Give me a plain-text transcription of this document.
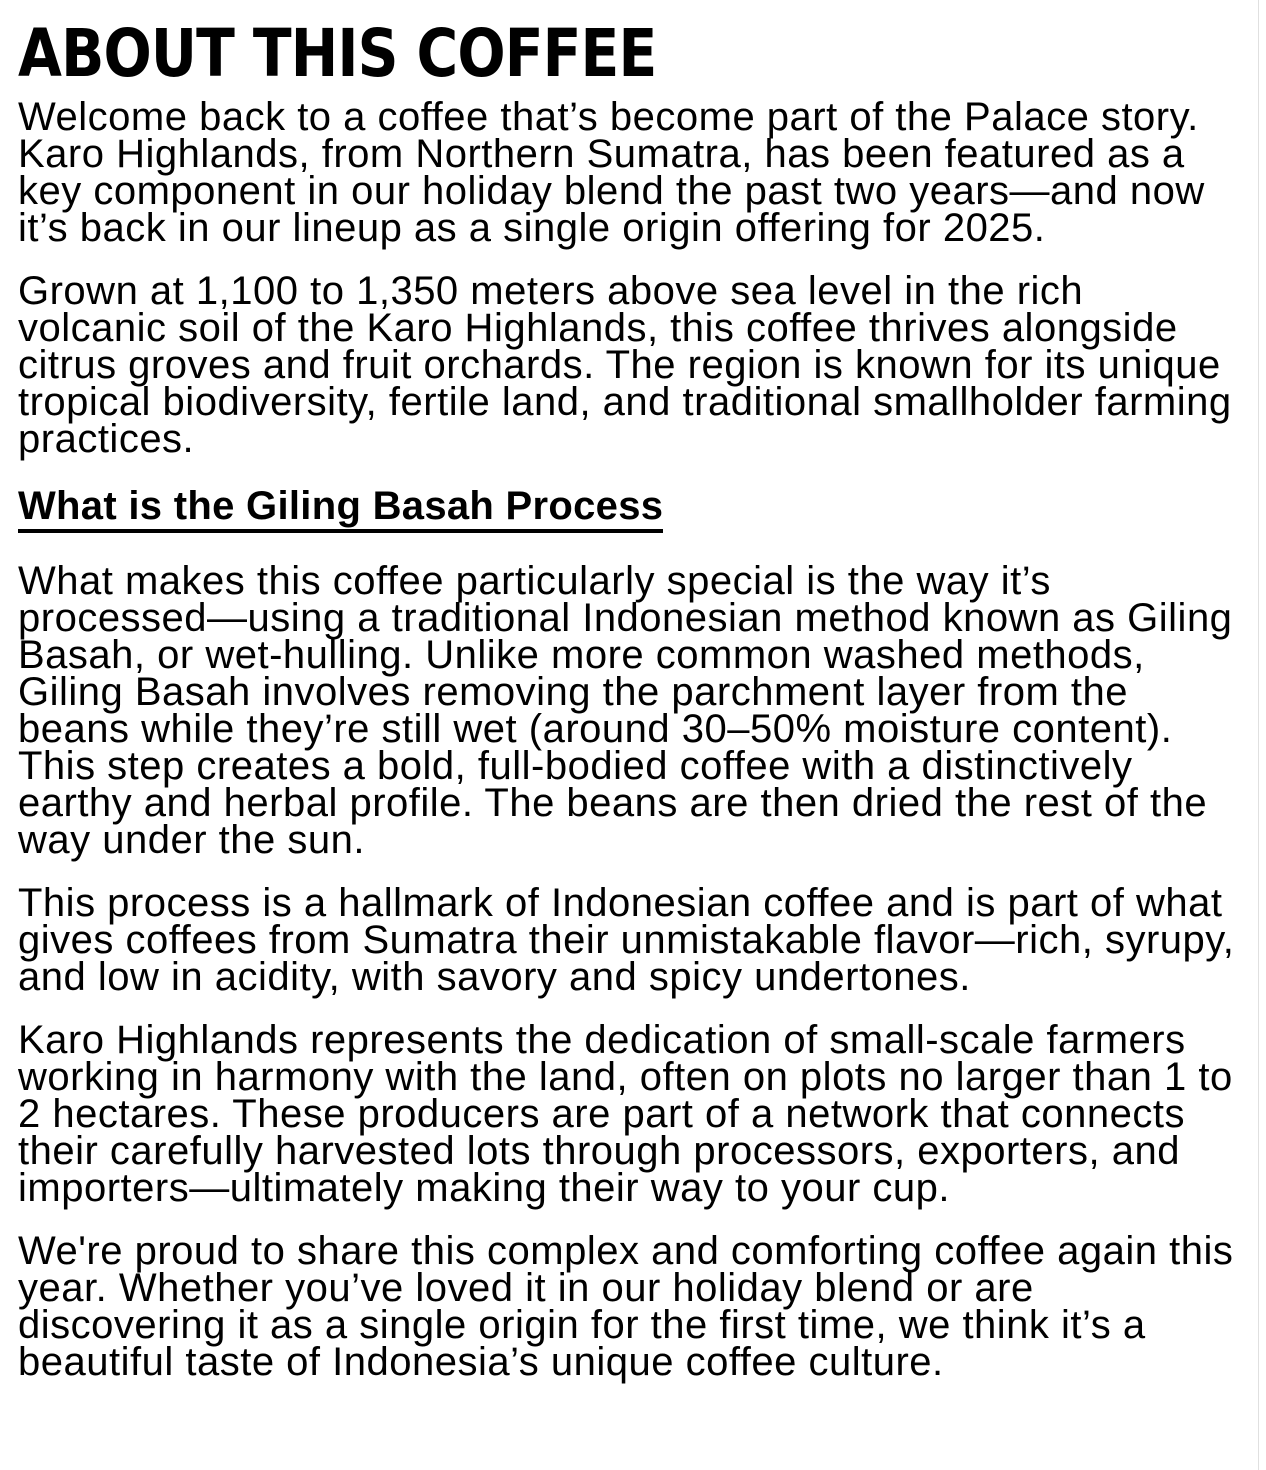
ABOUT THIS COFFEE

Welcome back to a coffee that’s become part of the Palace story. Karo Highlands, from Northern Sumatra, has been featured as a key component in our holiday blend the past two years—and now it’s back in our lineup as a single origin offering for 2025.

Grown at 1,100 to 1,350 meters above sea level in the rich volcanic soil of the Karo Highlands, this coffee thrives alongside citrus groves and fruit orchards. The region is known for its unique tropical biodiversity, fertile land, and traditional smallholder farming practices.

What is the Giling Basah Process

What makes this coffee particularly special is the way it’s processed—using a traditional Indonesian method known as Giling Basah, or wet-hulling. Unlike more common washed methods, Giling Basah involves removing the parchment layer from the beans while they’re still wet (around 30–50% moisture content). This step creates a bold, full-bodied coffee with a distinctively earthy and herbal profile. The beans are then dried the rest of the way under the sun.

This process is a hallmark of Indonesian coffee and is part of what gives coffees from Sumatra their unmistakable flavor—rich, syrupy, and low in acidity, with savory and spicy undertones.

Karo Highlands represents the dedication of small-scale farmers working in harmony with the land, often on plots no larger than 1 to 2 hectares. These producers are part of a network that connects their carefully harvested lots through processors, exporters, and importers—ultimately making their way to your cup.

We're proud to share this complex and comforting coffee again this year. Whether you’ve loved it in our holiday blend or are discovering it as a single origin for the first time, we think it’s a beautiful taste of Indonesia’s unique coffee culture.
